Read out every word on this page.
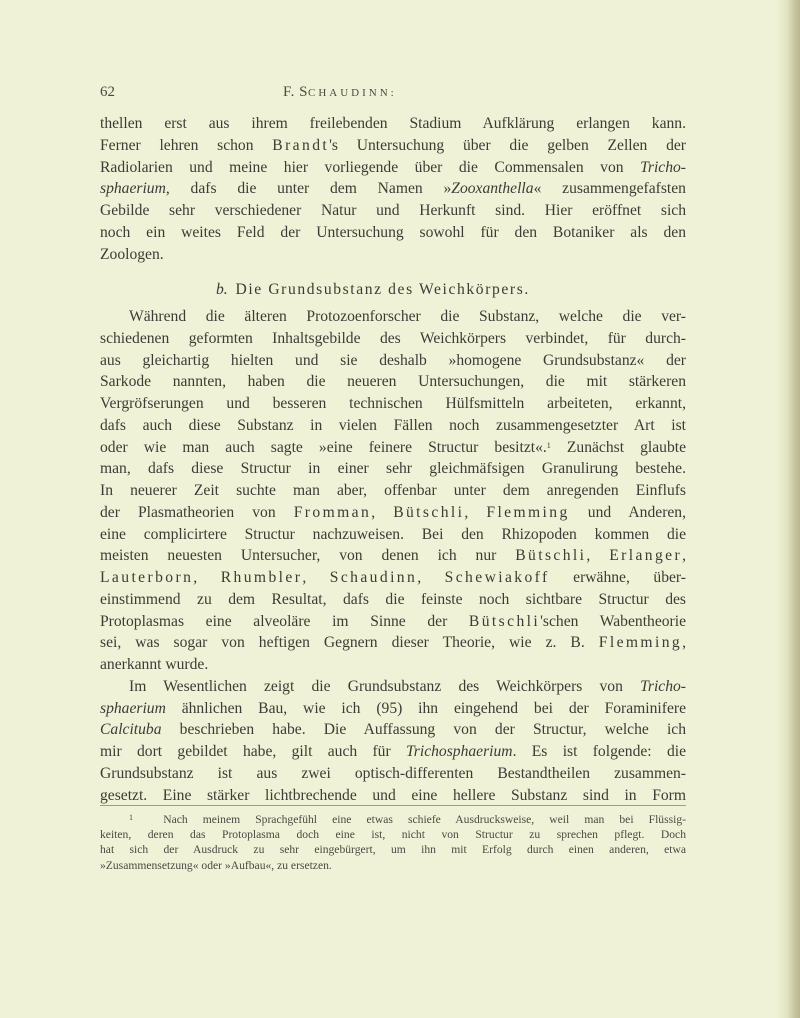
62	F. SCHAUDINN:
thellen erst aus ihrem freilebenden Stadium Aufklärung erlangen kann.
Ferner lehren schon Brandt's Untersuchung über die gelben Zellen der
Radiolarien und meine hier vorliegende über die Commensalen von Tricho-
sphaerium, dafs die unter dem Namen »Zooxanthella« zusammengefafsten
Gebilde sehr verschiedener Natur und Herkunft sind. Hier eröffnet sich
noch ein weites Feld der Untersuchung sowohl für den Botaniker als den
Zoologen.
b. Die Grundsubstanz des Weichkörpers.
Während die älteren Protozoenforscher die Substanz, welche die ver-
schiedenen geformten Inhaltsgebilde des Weichkörpers verbindet, für durch-
aus gleichartig hielten und sie deshalb »homogene Grundsubstanz« der
Sarkode nannten, haben die neueren Untersuchungen, die mit stärkeren
Vergröfserungen und besseren technischen Hülfsmitteln arbeiteten, erkannt,
dafs auch diese Substanz in vielen Fällen noch zusammengesetzter Art ist
oder wie man auch sagte »eine feinere Structur besitzt«.$^1$ Zunächst glaubte
man, dafs diese Structur in einer sehr gleichmäfsigen Granulirung bestehe.
In neuerer Zeit suchte man aber, offenbar unter dem anregenden Einflufs
der Plasmatheorien von Fromman, Bütschli, Flemming und Anderen,
eine complicirtere Structur nachzuweisen. Bei den Rhizopoden kommen die
meisten neuesten Untersucher, von denen ich nur Bütschli, Erlanger,
Lauterborn, Rhumbler, Schaudinn, Schewiakoff erwähne, über-
einstimmend zu dem Resultat, dafs die feinste noch sichtbare Structur des
Protoplasmas eine alveoläre im Sinne der Bütschli'schen Wabentheorie
sei, was sogar von heftigen Gegnern dieser Theorie, wie z. B. Flemming,
anerkannt wurde.
Im Wesentlichen zeigt die Grundsubstanz des Weichkörpers von Tricho-
sphaerium ähnlichen Bau, wie ich (95) ihn eingehend bei der Foraminifere
Calcituba beschrieben habe. Die Auffassung von der Structur, welche ich
mir dort gebildet habe, gilt auch für Trichosphaerium. Es ist folgende: die
Grundsubstanz ist aus zwei optisch-differenten Bestandtheilen zusammen-
gesetzt. Eine stärker lichtbrechende und eine hellere Substanz sind in Form
$^1$	Nach meinem Sprachgefühl eine etwas schiefe Ausdrucksweise, weil man bei Flüssig-
keiten, deren das Protoplasma doch eine ist, nicht von Structur zu sprechen pflegt. Doch
hat sich der Ausdruck zu sehr eingebürgert, um ihn mit Erfolg durch einen anderen, etwa
»Zusammensetzung« oder »Aufbau«, zu ersetzen.
